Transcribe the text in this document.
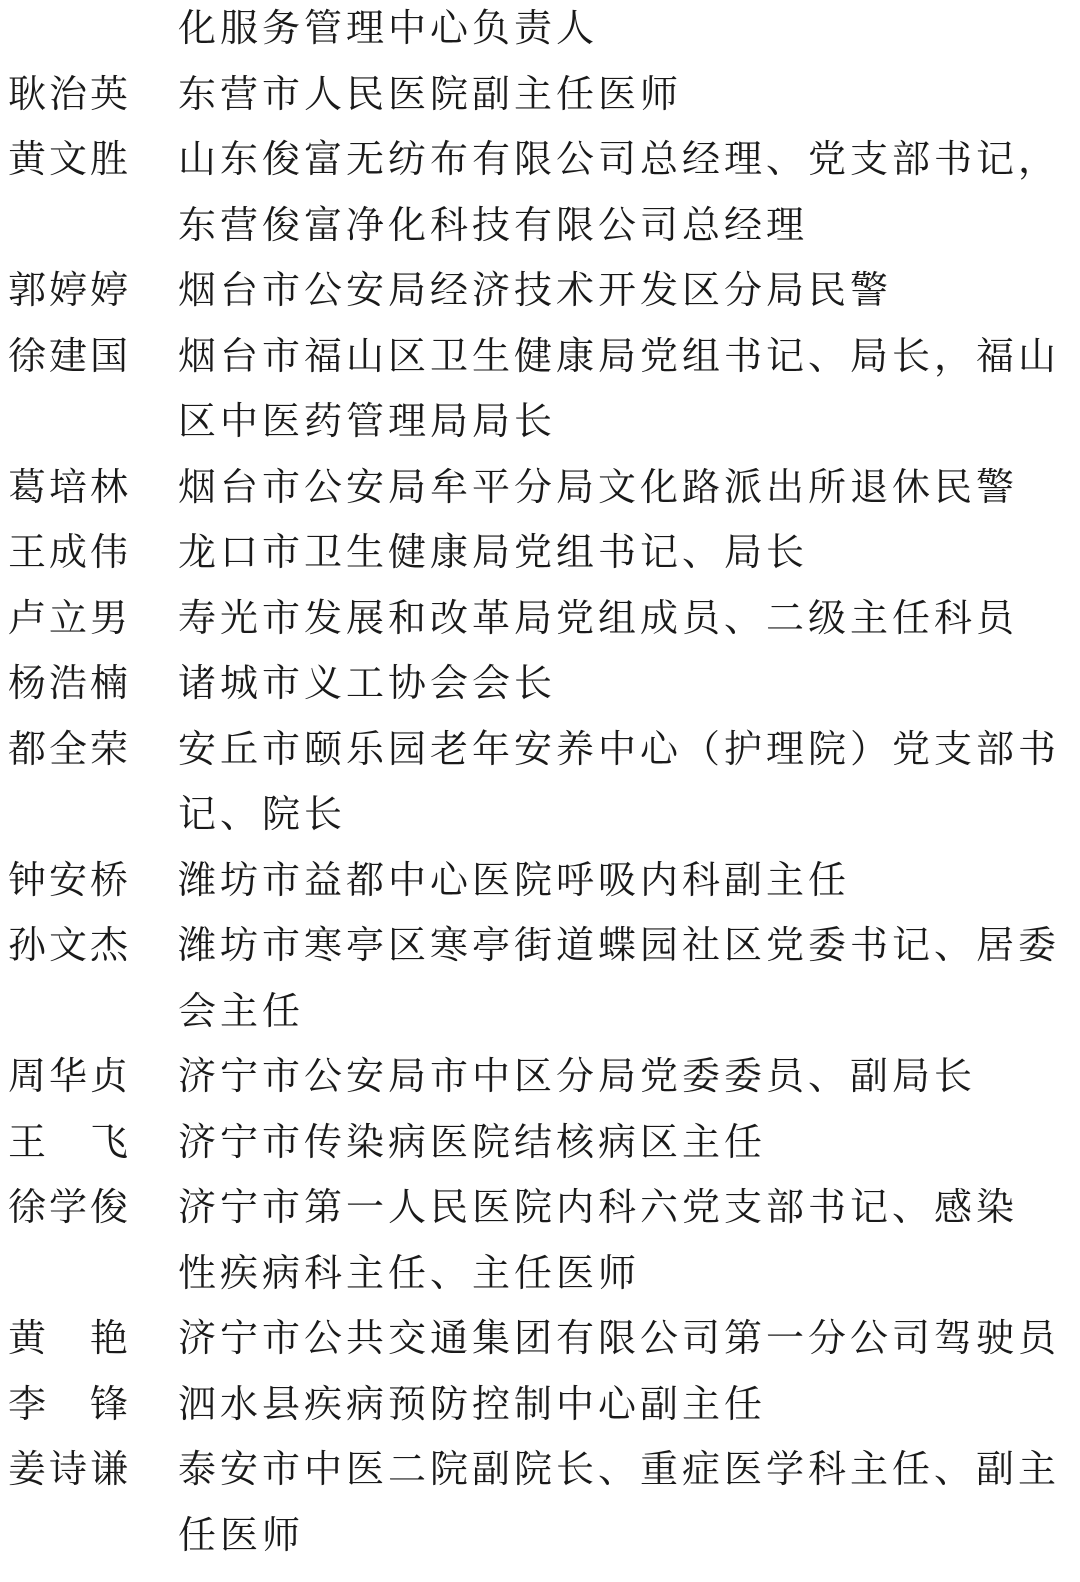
化服务管理中心负责人
耿治英 东营市人民医院副主任医师
黄文胜 山东俊富无纺布有限公司总经理、党支部书记，
东营俊富净化科技有限公司总经理
郭婷婷 烟台市公安局经济技术开发区分局民警
徐建国 烟台市福山区卫生健康局党组书记、局长，福山
区中医药管理局局长
葛培林 烟台市公安局牟平分局文化路派出所退休民警
王成伟 龙口市卫生健康局党组书记、局长
卢立男 寿光市发展和改革局党组成员、二级主任科员
杨浩楠 诸城市义工协会会长
都全荣 安丘市颐乐园老年安养中心（护理院）党支部书
记、院长
钟安桥 潍坊市益都中心医院呼吸内科副主任
孙文杰 潍坊市寒亭区寒亭街道蝶园社区党委书记、居委
会主任
周华贞 济宁市公安局市中区分局党委委员、副局长
王　飞 济宁市传染病医院结核病区主任
徐学俊 济宁市第一人民医院内科六党支部书记、感染
性疾病科主任、主任医师
黄　艳 济宁市公共交通集团有限公司第一分公司驾驶员
李　锋 泗水县疾病预防控制中心副主任
姜诗谦 泰安市中医二院副院长、重症医学科主任、副主
任医师
